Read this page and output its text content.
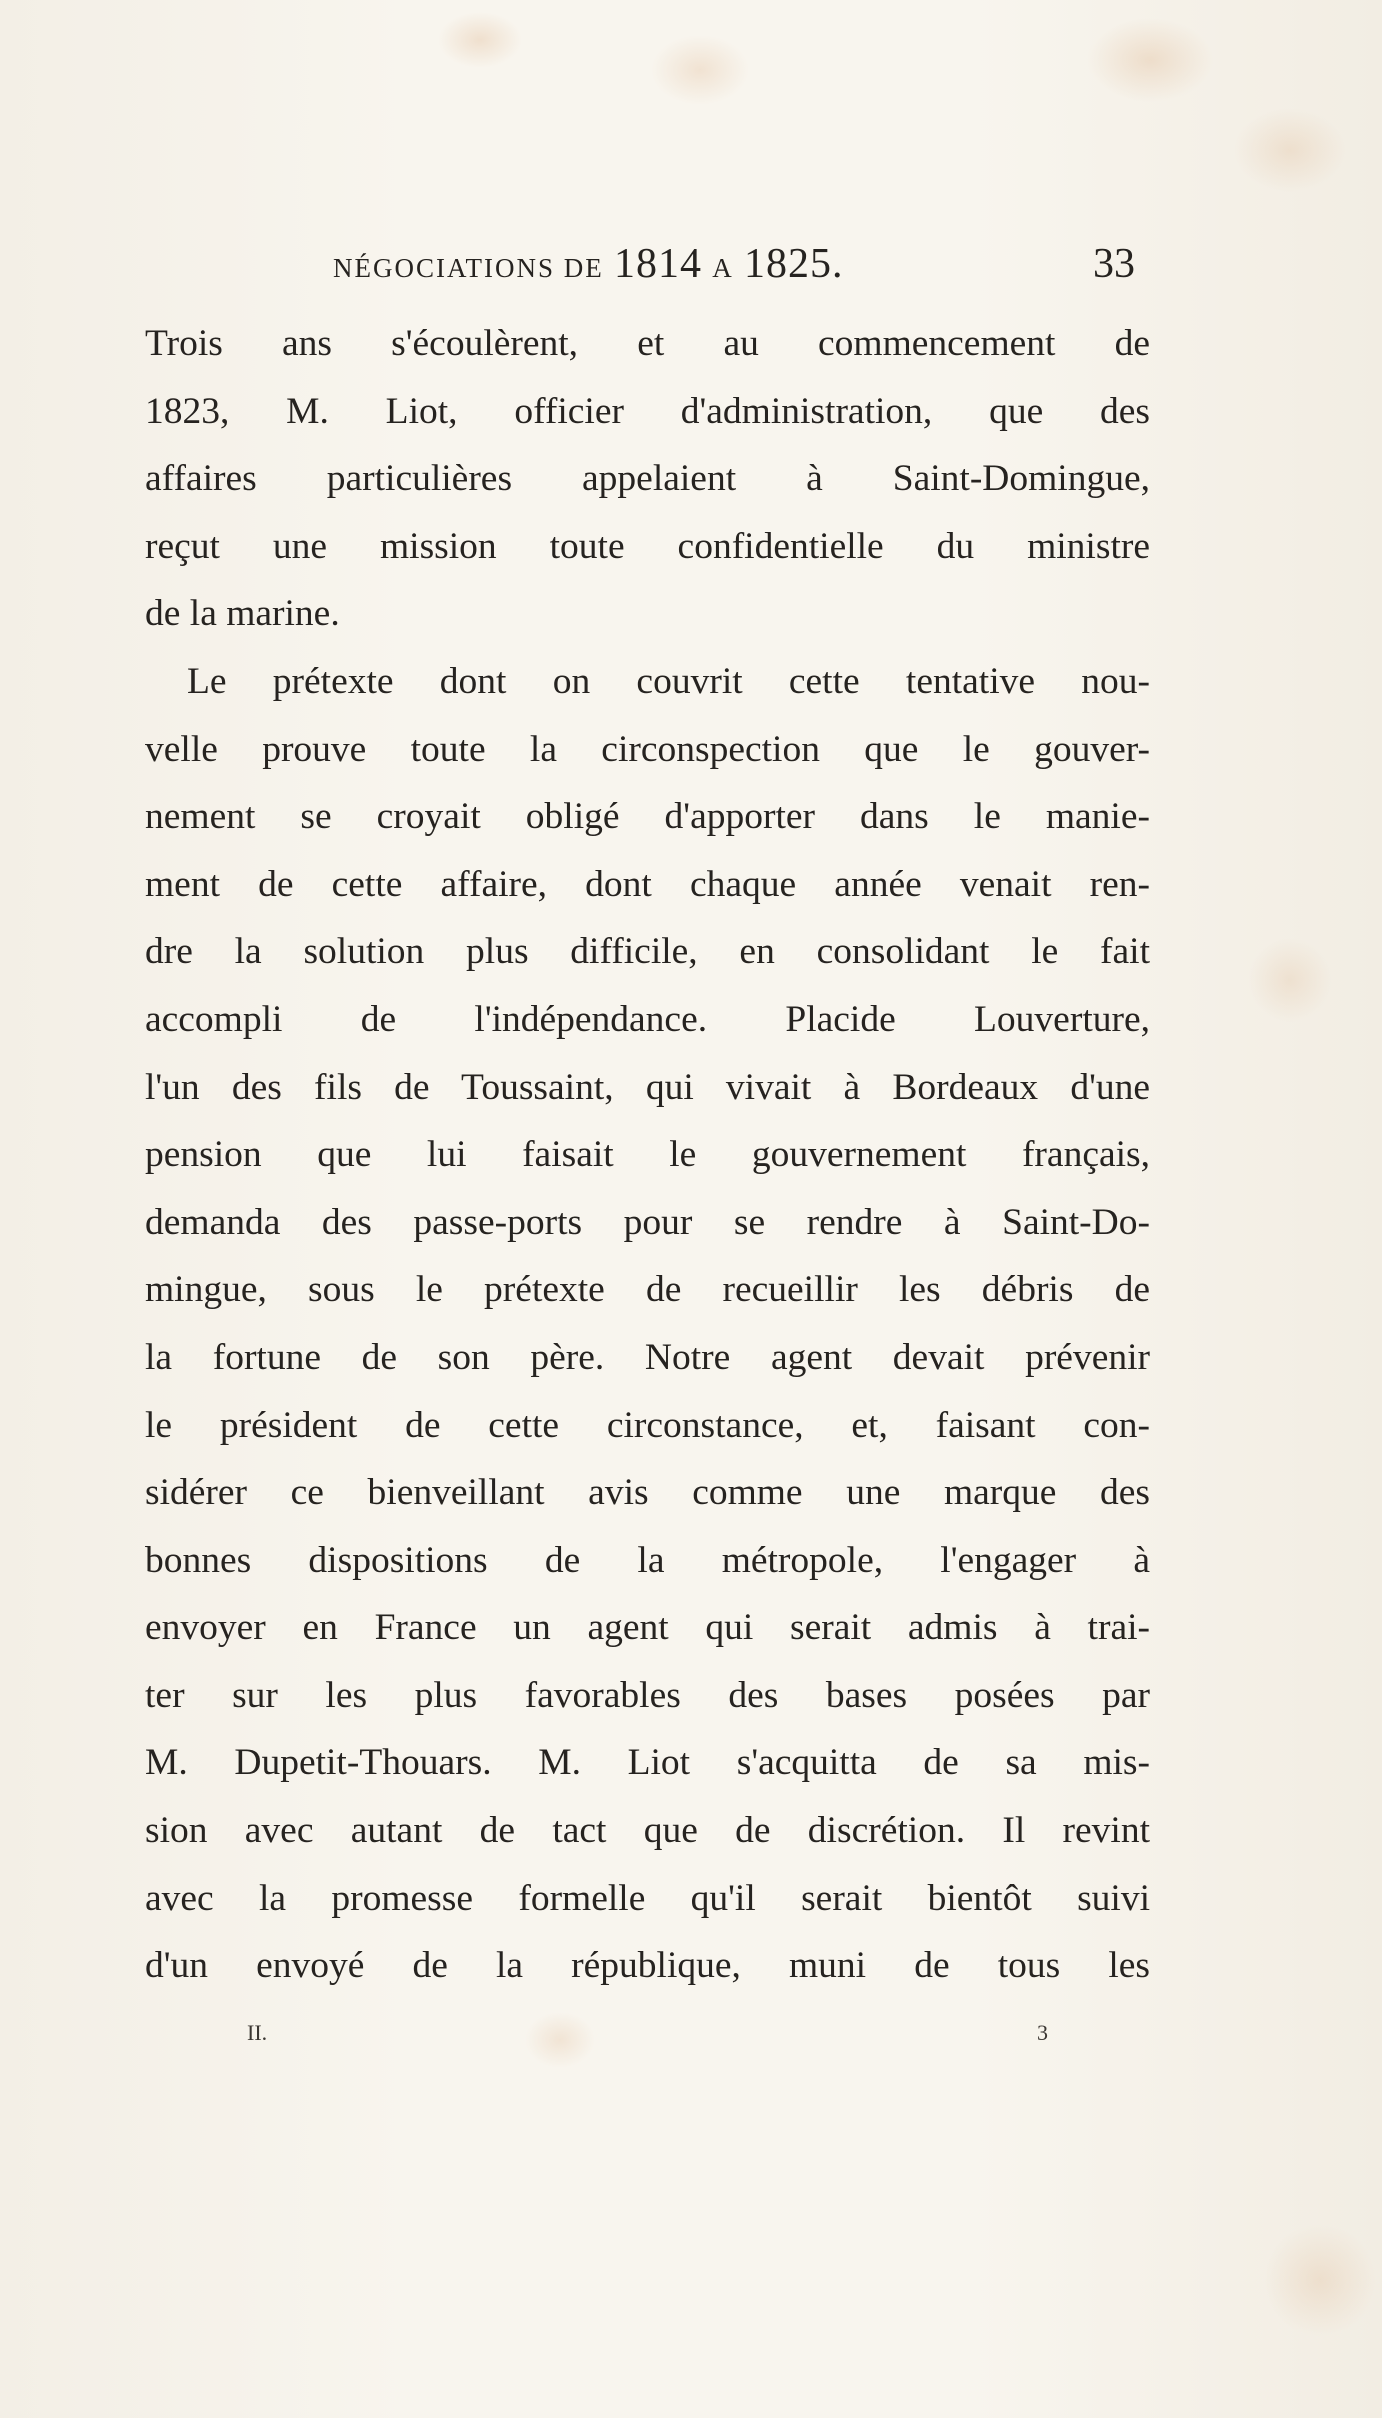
NÉGOCIATIONS DE 1814 A 1825.	33
Trois ans s'écoulèrent, et au commencement de
1823, M. Liot, officier d'administration, que des
affaires particulières appelaient à Saint-Domingue,
reçut une mission toute confidentielle du ministre
de la marine.
Le prétexte dont on couvrit cette tentative nou-
velle prouve toute la circonspection que le gouver-
nement se croyait obligé d'apporter dans le manie-
ment de cette affaire, dont chaque année venait ren-
dre la solution plus difficile, en consolidant le fait
accompli de l'indépendance. Placide Louverture,
l'un des fils de Toussaint, qui vivait à Bordeaux d'une
pension que lui faisait le gouvernement français,
demanda des passe-ports pour se rendre à Saint-Do-
mingue, sous le prétexte de recueillir les débris de
la fortune de son père. Notre agent devait prévenir
le président de cette circonstance, et, faisant con-
sidérer ce bienveillant avis comme une marque des
bonnes dispositions de la métropole, l'engager à
envoyer en France un agent qui serait admis à trai-
ter sur les plus favorables des bases posées par
M. Dupetit-Thouars. M. Liot s'acquitta de sa mis-
sion avec autant de tact que de discrétion. Il revint
avec la promesse formelle qu'il serait bientôt suivi
d'un envoyé de la république, muni de tous les
II.	3
